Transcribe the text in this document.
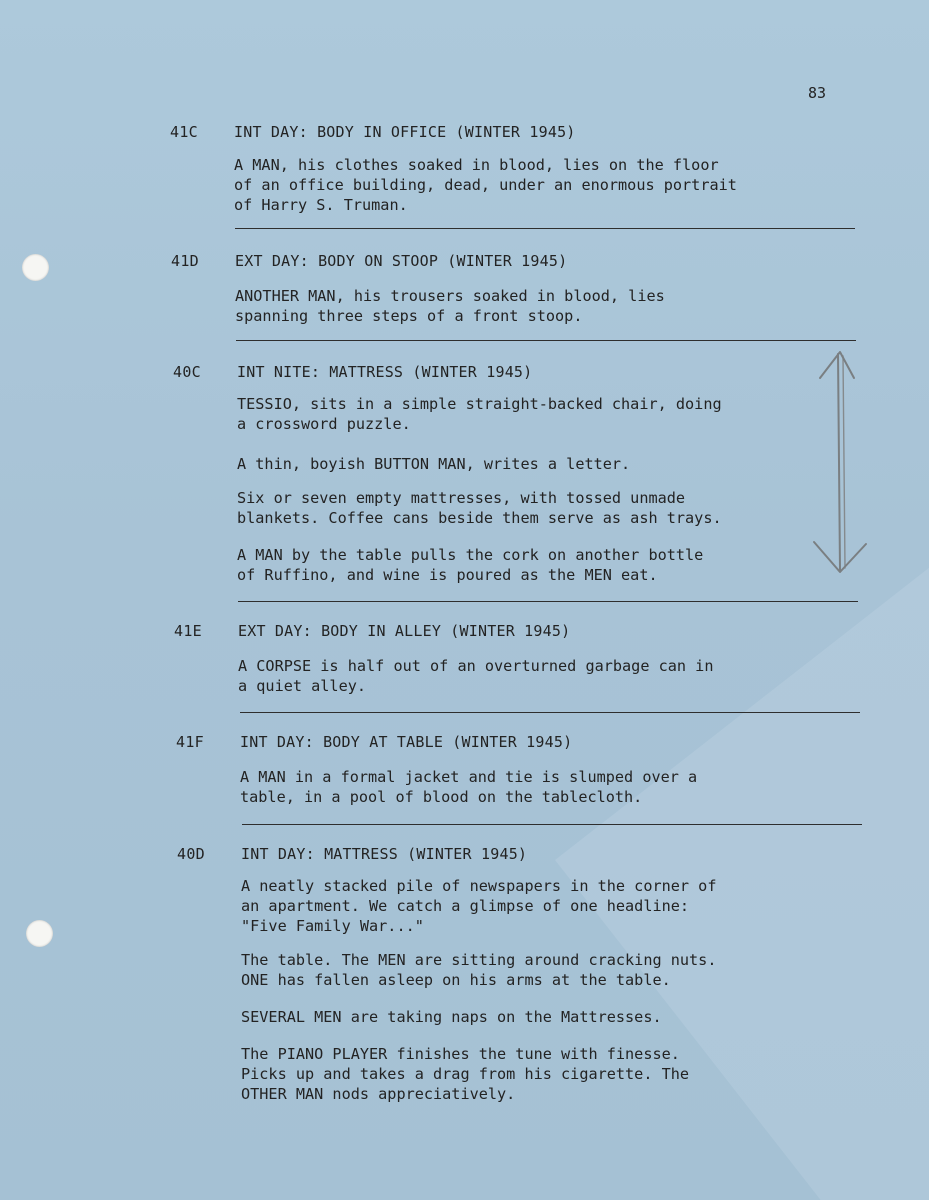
83
41C INT DAY: BODY IN OFFICE (WINTER 1945)
A MAN, his clothes soaked in blood, lies on the floor
of an office building, dead, under an enormous portrait
of Harry S. Truman.
41D EXT DAY: BODY ON STOOP (WINTER 1945)
ANOTHER MAN, his trousers soaked in blood, lies
spanning three steps of a front stoop.
40C INT NITE: MATTRESS (WINTER 1945)
TESSIO, sits in a simple straight-backed chair, doing
a crossword puzzle.
A thin, boyish BUTTON MAN, writes a letter.
Six or seven empty mattresses, with tossed unmade
blankets. Coffee cans beside them serve as ash trays.
A MAN by the table pulls the cork on another bottle
of Ruffino, and wine is poured as the MEN eat.
41E EXT DAY: BODY IN ALLEY (WINTER 1945)
A CORPSE is half out of an overturned garbage can in
a quiet alley.
41F INT DAY: BODY AT TABLE (WINTER 1945)
A MAN in a formal jacket and tie is slumped over a
table, in a pool of blood on the tablecloth.
40D INT DAY: MATTRESS (WINTER 1945)
A neatly stacked pile of newspapers in the corner of
an apartment. We catch a glimpse of one headline:
"Five Family War..."
The table. The MEN are sitting around cracking nuts.
ONE has fallen asleep on his arms at the table.
SEVERAL MEN are taking naps on the Mattresses.
The PIANO PLAYER finishes the tune with finesse.
Picks up and takes a drag from his cigarette. The
OTHER MAN nods appreciatively.
